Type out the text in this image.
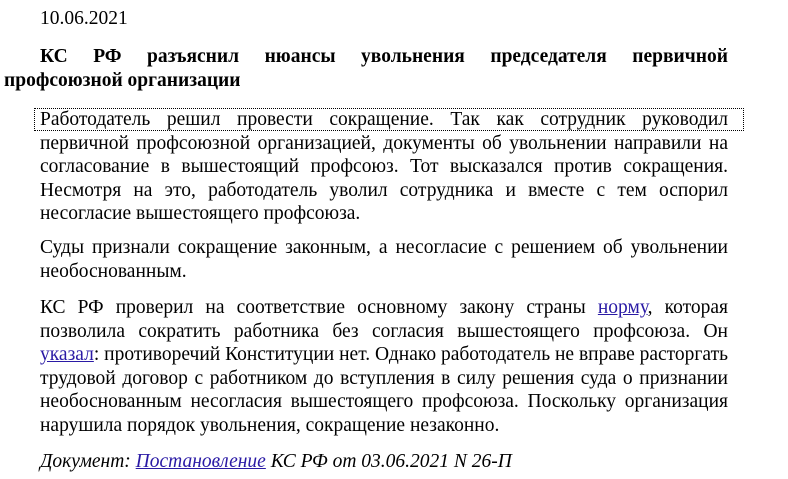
10.06.2021
КС РФ разъяснил нюансы увольнения председателя первичной
профсоюзной организации
Работодатель решил провести сокращение. Так как сотрудник руководил первичной профсоюзной организацией, документы об увольнении направили на согласование в вышестоящий профсоюз. Тот высказался против сокращения. Несмотря на это, работодатель уволил сотрудника и вместе с тем оспорил несогласие вышестоящего профсоюза.
Суды признали сокращение законным, а несогласие с решением об увольнении необоснованным.
КС РФ проверил на соответствие основному закону страны норму, которая позволила сократить работника без согласия вышестоящего профсоюза. Он указал: противоречий Конституции нет. Однако работодатель не вправе расторгать трудовой договор с работником до вступления в силу решения суда о признании необоснованным несогласия вышестоящего профсоюза. Поскольку организация нарушила порядок увольнения, сокращение незаконно.
Документ: Постановление КС РФ от 03.06.2021 N 26-П
